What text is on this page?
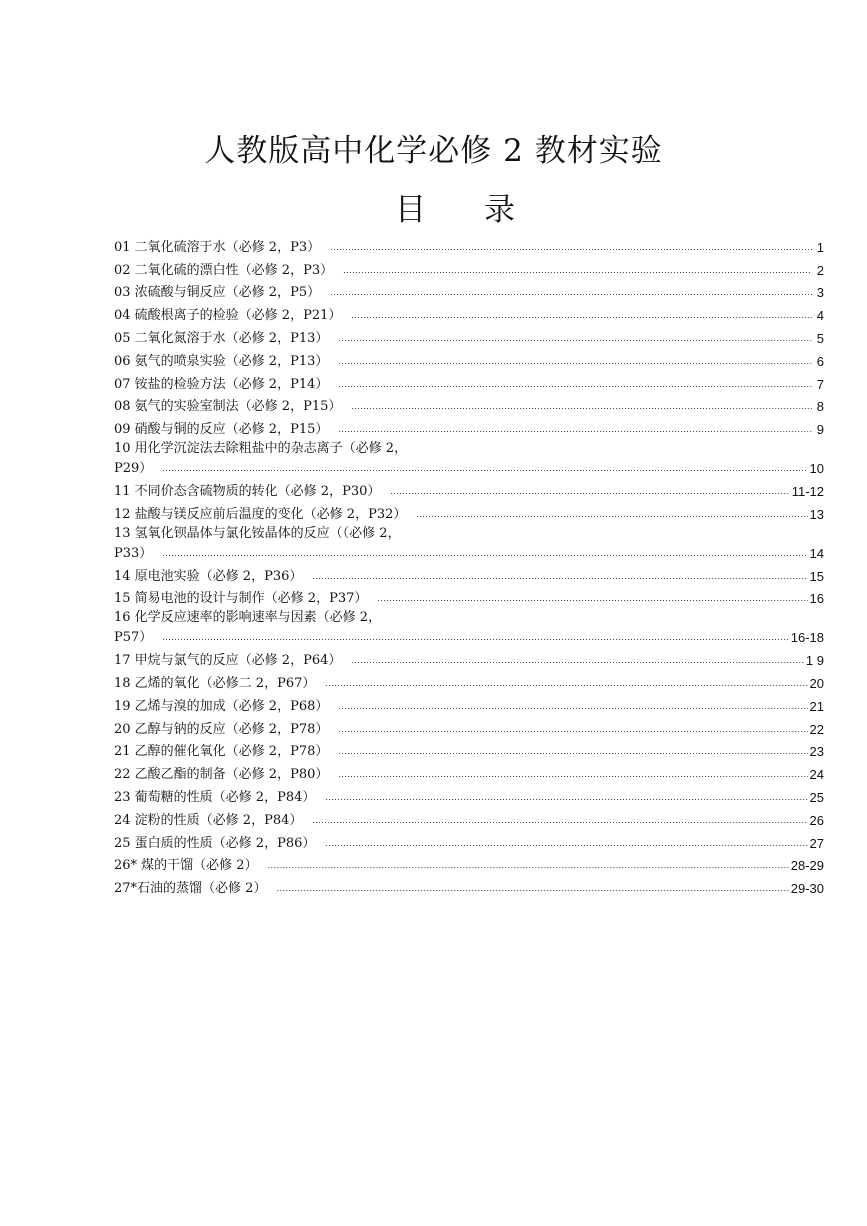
人教版高中化学必修 2 教材实验
目 录
01 二氧化硫溶于水（必修 2，P3） .....	1
02 二氧化硫的漂白性（必修 2，P3） .....	2
03 浓硫酸与铜反应（必修 2，P5） .....	3
04 硫酸根离子的检验（必修 2，P21） .....	4
05 二氧化氮溶于水（必修 2，P13） .....	5
06 氨气的喷泉实验（必修 2，P13） .....	6
07 铵盐的检验方法（必修 2，P14） .....	7
08 氨气的实验室制法（必修 2，P15） .....	8
09 硝酸与铜的反应（必修 2，P15） .....	9
10 用化学沉淀法去除粗盐中的杂志离子（必修 2，
P29） .....	10
11 不同价态含硫物质的转化（必修 2，P30） .....	11-12
12 盐酸与镁反应前后温度的变化（必修 2，P32） .....	13
13 氢氧化钡晶体与氯化铵晶体的反应（（必修 2，
P33） .....	14
14 原电池实验（必修 2，P36） .....	15
15 简易电池的设计与制作（必修 2，P37） .....	16
16 化学反应速率的影响速率与因素（必修 2，
P57） .....	16-18
17 甲烷与氯气的反应（必修 2，P64） .....	1 9
18 乙烯的氧化（必修二 2，P67） .....	20
19 乙烯与溴的加成（必修 2，P68） .....	21
20 乙醇与钠的反应（必修 2，P78） .....	22
21 乙醇的催化氧化（必修 2，P78） .....	23
22 乙酸乙酯的制备（必修 2，P80） .....	24
23 葡萄糖的性质（必修 2，P84） .....	25
24 淀粉的性质（必修 2，P84） .....	26
25 蛋白质的性质（必修 2，P86） .....	27
26* 煤的干馏（必修 2） .....	28-29
27*石油的蒸馏（必修 2） .....	29-30
